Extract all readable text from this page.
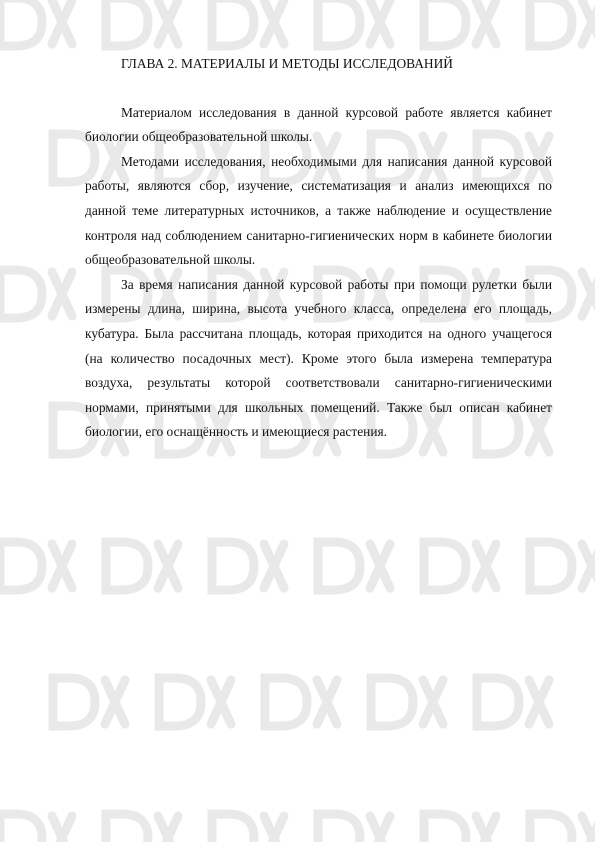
ГЛАВА 2. МАТЕРИАЛЫ И МЕТОДЫ ИССЛЕДОВАНИЙ

Материалом исследования в данной курсовой работе является кабинет биологии общеобразовательной школы.

Методами исследования, необходимыми для написания данной курсовой работы, являются сбор, изучение, систематизация и анализ имеющихся по данной теме литературных источников, а также наблюдение и осуществление контроля над соблюдением санитарно-гигиенических норм в кабинете биологии общеобразовательной школы.

За время написания данной курсовой работы при помощи рулетки были измерены длина, ширина, высота учебного класса, определена его площадь, кубатура. Была рассчитана площадь, которая приходится на одного учащегося (на количество посадочных мест). Кроме этого была измерена температура воздуха, результаты которой соответствовали санитарно-гигиеническими нормами, принятыми для школьных помещений. Также был описан кабинет биологии, его оснащённость и имеющиеся растения.
